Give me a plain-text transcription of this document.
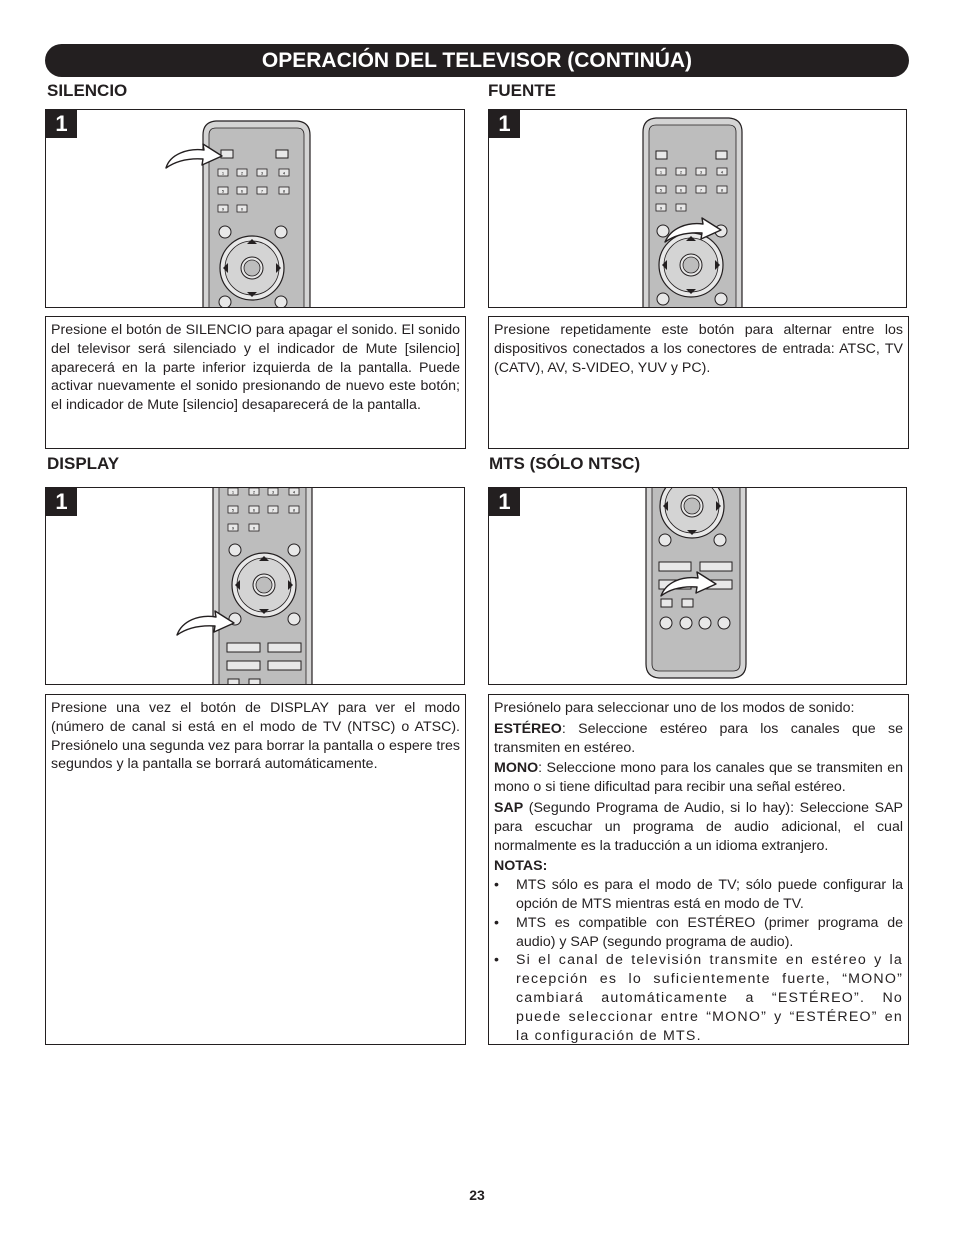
OPERACIÓN DEL TELEVISOR (CONTINÚA)
SILENCIO
1
1	2	3	4
5	6	7	8
9	0

Presione el botón de SILENCIO para apagar el sonido. El sonido del televisor será silenciado y el indicador de Mute [silencio] aparecerá en la parte inferior izquierda de la pantalla. Puede activar nuevamente el sonido presionando de nuevo este botón; el indicador de Mute [silencio] desaparecerá de la pantalla.

FUENTE
1
1	2	3	4
5	6	7	8
9	0

Presione repetidamente este botón para alternar entre los dispositivos conectados a los conectores de entrada: ATSC, TV (CATV), AV, S-VIDEO, YUV y PC).

DISPLAY
1	1	2	3	4
5	6	7	8
9	0

Presione una vez el botón de DISPLAY para ver el modo (número de canal si está en el modo de TV (NTSC) o ATSC). Presiónelo una segunda vez para borrar la pantalla o espere tres segundos y la pantalla se borrará automáticamente.

MTS (SÓLO NTSC)
1

Presiónelo para seleccionar uno de los modos de sonido:

ESTÉREO: Seleccione estéreo para los canales que se transmiten en estéreo.

MONO: Seleccione mono para los canales que se transmiten en mono o si tiene dificultad para recibir una señal estéreo.

SAP (Segundo Programa de Audio, si lo hay): Seleccione SAP para escuchar un programa de audio adicional, el cual normalmente es la traducción a un idioma extranjero.

NOTAS:

•	MTS sólo es para el modo de TV; sólo puede configurar la opción de MTS mientras está en modo de TV.
•	MTS es compatible con ESTÉREO (primer programa de audio) y SAP (segundo programa de audio).
•	Si el canal de televisión transmite en estéreo y la recepción es lo suficientemente fuerte, “MONO” cambiará automáticamente a “ESTÉREO”. No puede seleccionar entre “MONO” y “ESTÉREO” en la configuración de MTS.
23
